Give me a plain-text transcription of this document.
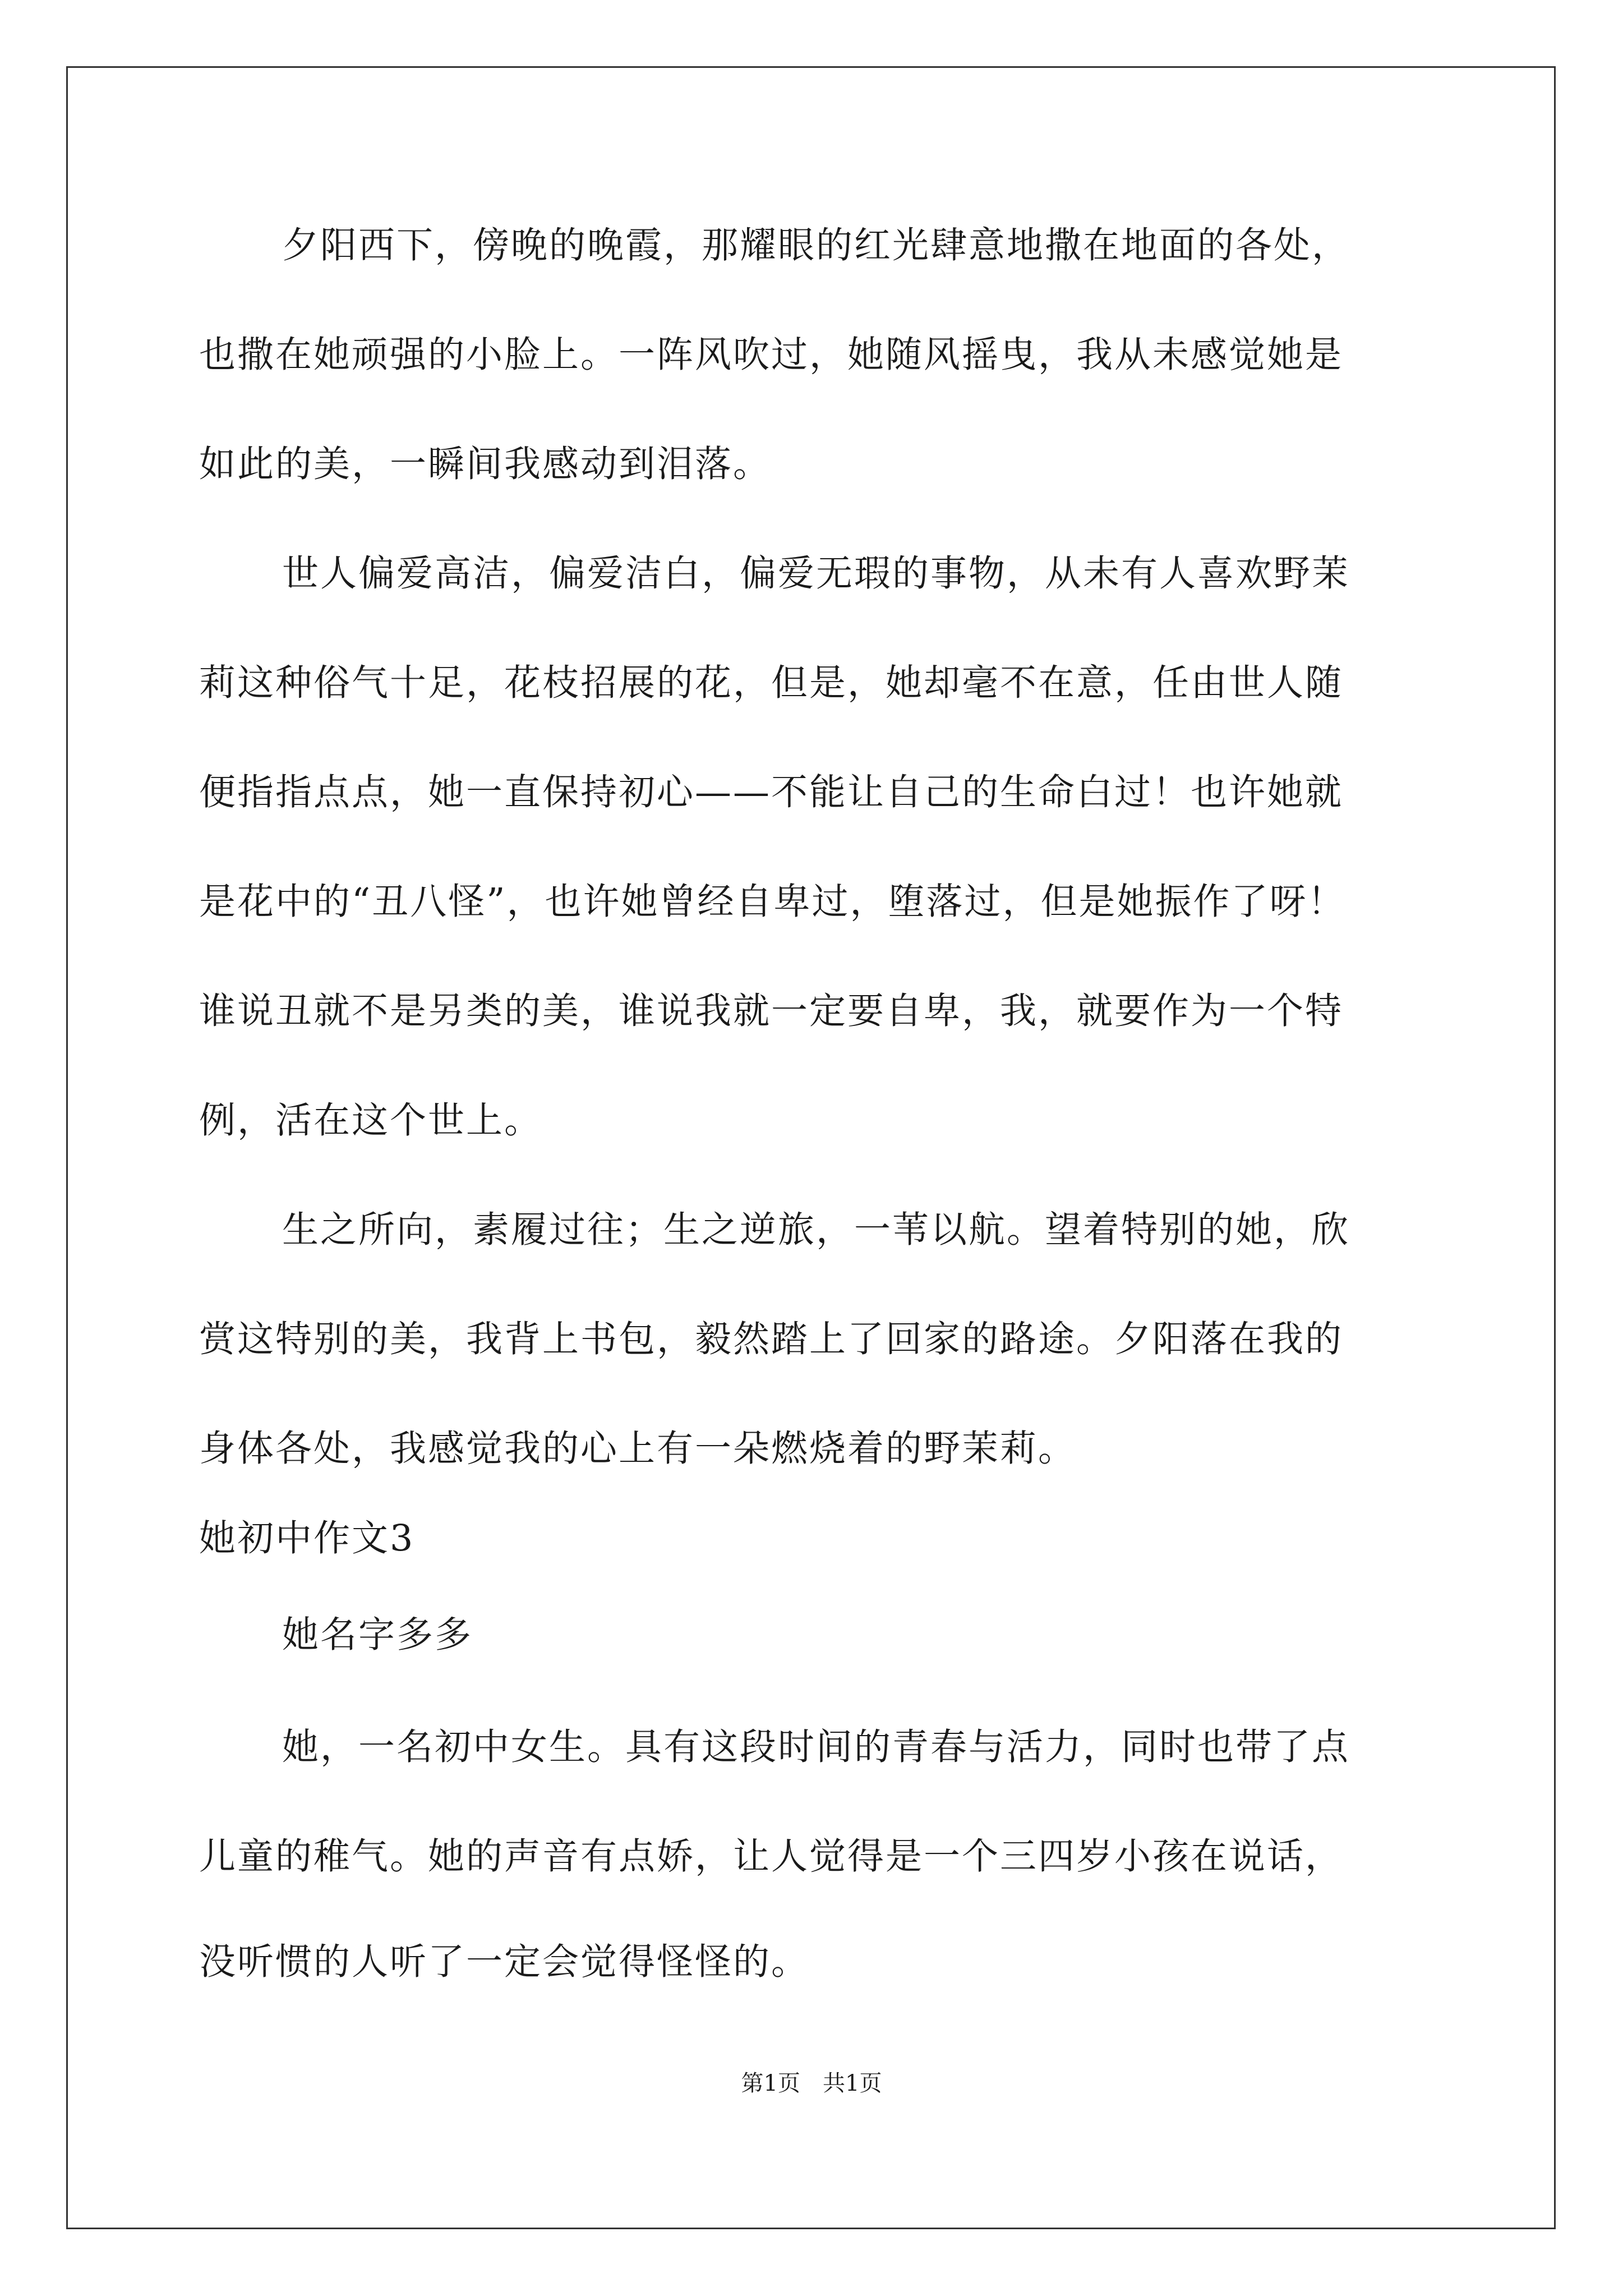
夕阳西下，傍晚的晚霞，那耀眼的红光肆意地撒在地面的各处，
也撒在她顽强的小脸上。一阵风吹过，她随风摇曳，我从未感觉她是
如此的美，一瞬间我感动到泪落。
世人偏爱高洁，偏爱洁白，偏爱无瑕的事物，从未有人喜欢野茉
莉这种俗气十足，花枝招展的花，但是，她却毫不在意，任由世人随
便指指点点，她一直保持初心——不能让自己的生命白过！也许她就
是花中的“丑八怪”，也许她曾经自卑过，堕落过，但是她振作了呀！
谁说丑就不是另类的美，谁说我就一定要自卑，我，就要作为一个特
例，活在这个世上。
生之所向，素履过往；生之逆旅，一苇以航。望着特别的她，欣
赏这特别的美，我背上书包，毅然踏上了回家的路途。夕阳落在我的
身体各处，我感觉我的心上有一朵燃烧着的野茉莉。
她初中作文3
她名字多多
她，一名初中女生。具有这段时间的青春与活力，同时也带了点
儿童的稚气。她的声音有点娇，让人觉得是一个三四岁小孩在说话，
没听惯的人听了一定会觉得怪怪的。
第1页　共1页
